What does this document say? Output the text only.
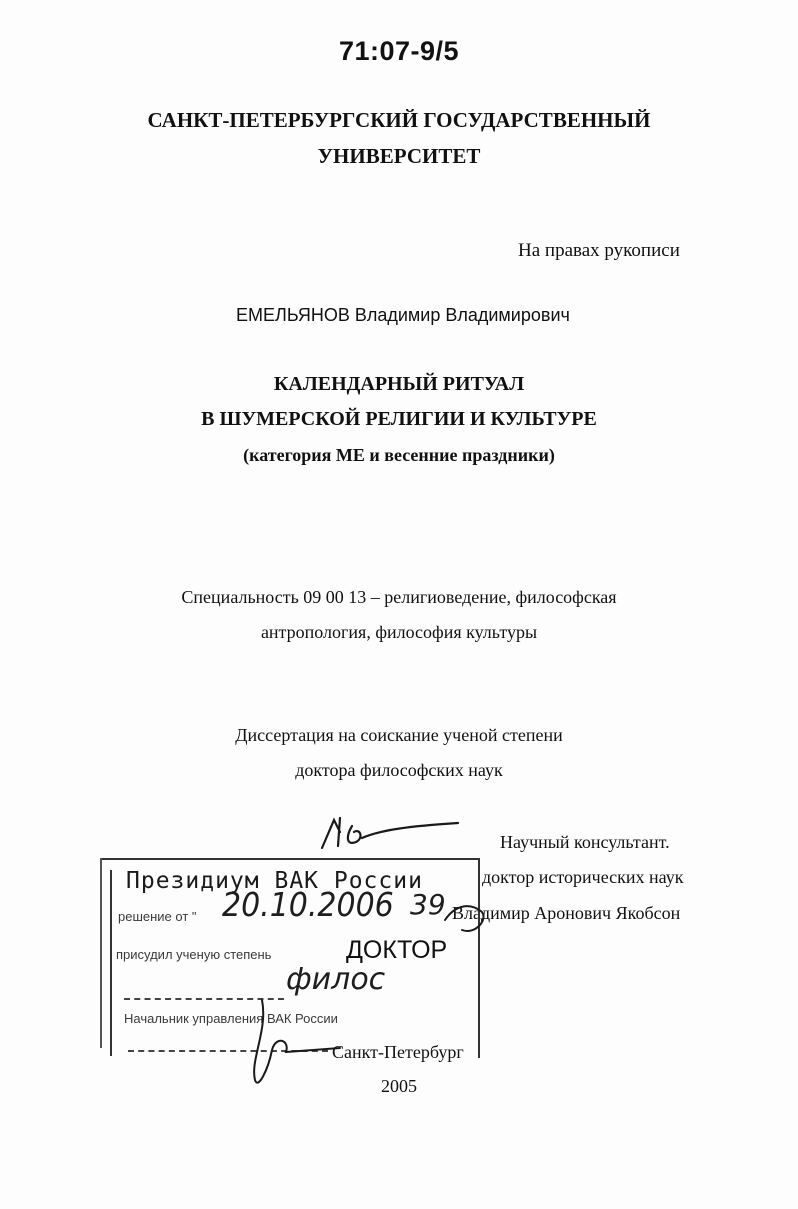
71:07-9/5
САНКТ-ПЕТЕРБУРГСКИЙ ГОСУДАРСТВЕННЫЙ
УНИВЕРСИТЕТ
На правах рукописи
ЕМЕЛЬЯНОВ Владимир Владимирович
КАЛЕНДАРНЫЙ РИТУАЛ
В ШУМЕРСКОЙ РЕЛИГИИ И КУЛЬТУРЕ
(категория МЕ и весенние праздники)
Специальность 09 00 13 – религиоведение, философская
антропология, философия культуры
Диссертация на соискание ученой степени
доктора философских наук
Научный консультант.
доктор исторических наук
Владимир Аронович Якобсон
Президиум ВАК России
решение от "
присудил ученую степень
Начальник управления ВАК России
20.10.2006 39
ДОКТОР
филос
Санкт-Петербург
2005
